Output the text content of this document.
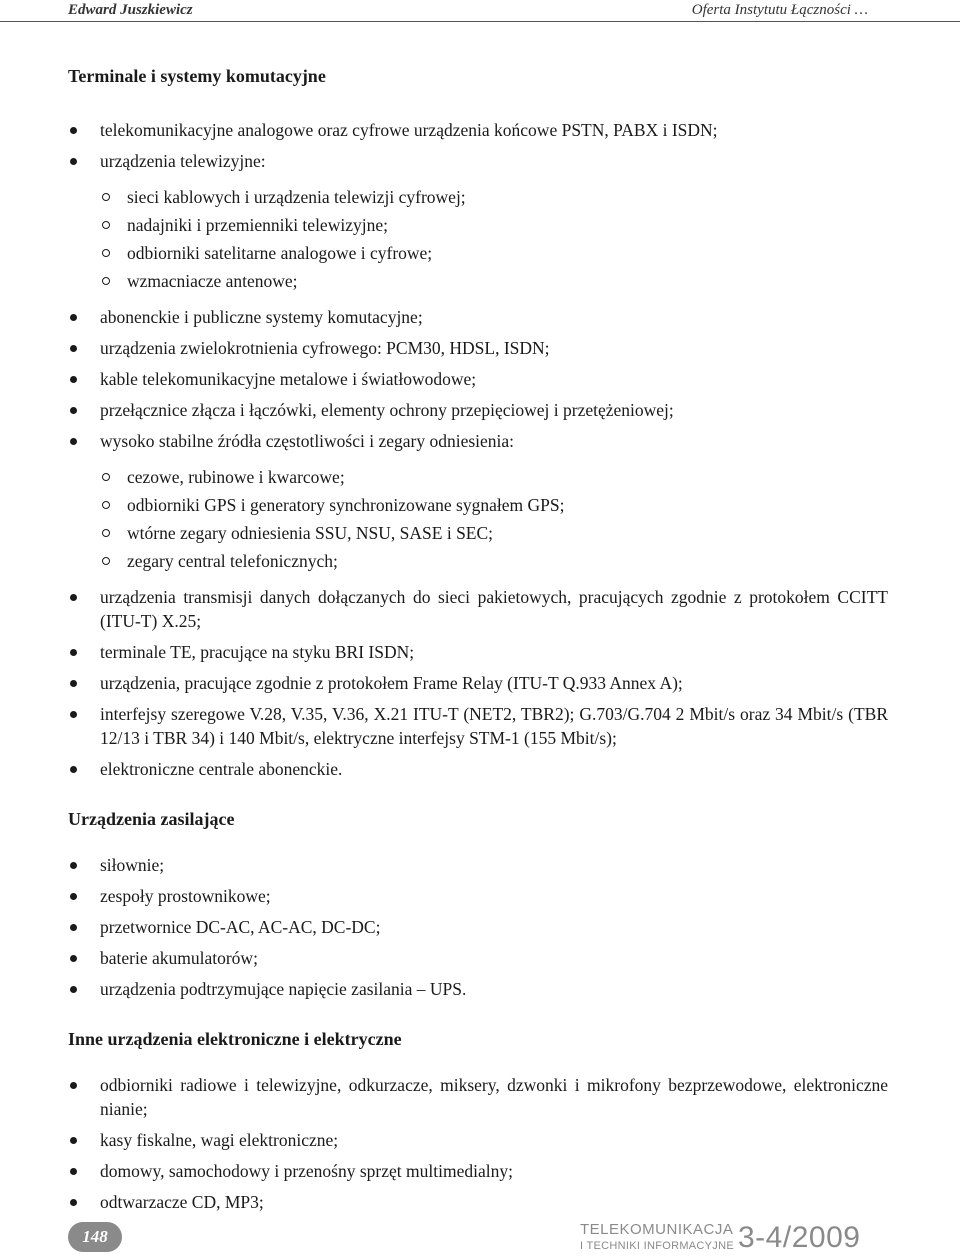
Edward Juszkiewicz	Oferta Instytutu Łączności …
Terminale i systemy komutacyjne
telekomunikacyjne analogowe oraz cyfrowe urządzenia końcowe PSTN, PABX i ISDN;
urządzenia telewizyjne:
sieci kablowych i urządzenia telewizji cyfrowej;
nadajniki i przemienniki telewizyjne;
odbiorniki satelitarne analogowe i cyfrowe;
wzmacniacze antenowe;
abonenckie i publiczne systemy komutacyjne;
urządzenia zwielokrotnienia cyfrowego: PCM30, HDSL, ISDN;
kable telekomunikacyjne metalowe i światłowodowe;
przełącznice złącza i łączówki, elementy ochrony przepięciowej i przetężeniowej;
wysoko stabilne źródła częstotliwości i zegary odniesienia:
cezowe, rubinowe i kwarcowe;
odbiorniki GPS i generatory synchronizowane sygnałem GPS;
wtórne zegary odniesienia SSU, NSU, SASE i SEC;
zegary central telefonicznych;
urządzenia transmisji danych dołączanych do sieci pakietowych, pracujących zgodnie z protokołem CCITT (ITU-T) X.25;
terminale TE, pracujące na styku BRI ISDN;
urządzenia, pracujące zgodnie z protokołem Frame Relay (ITU-T Q.933 Annex A);
interfejsy szeregowe V.28, V.35, V.36, X.21 ITU-T (NET2, TBR2); G.703/G.704 2 Mbit/s oraz 34 Mbit/s (TBR 12/13 i TBR 34) i 140 Mbit/s, elektryczne interfejsy STM-1 (155 Mbit/s);
elektroniczne centrale abonenckie.
Urządzenia zasilające
siłownie;
zespoły prostownikowe;
przetwornice DC-AC, AC-AC, DC-DC;
baterie akumulatorów;
urządzenia podtrzymujące napięcie zasilania – UPS.
Inne urządzenia elektroniczne i elektryczne
odbiorniki radiowe i telewizyjne, odkurzacze, miksery, dzwonki i mikrofony bezprzewodowe, elektroniczne nianie;
kasy fiskalne, wagi elektroniczne;
domowy, samochodowy i przenośny sprzęt multimedialny;
odtwarzacze CD, MP3;
148	TELEKOMUNIKACJA
I TECHNIKI INFORMACYJNE 3-4/2009
